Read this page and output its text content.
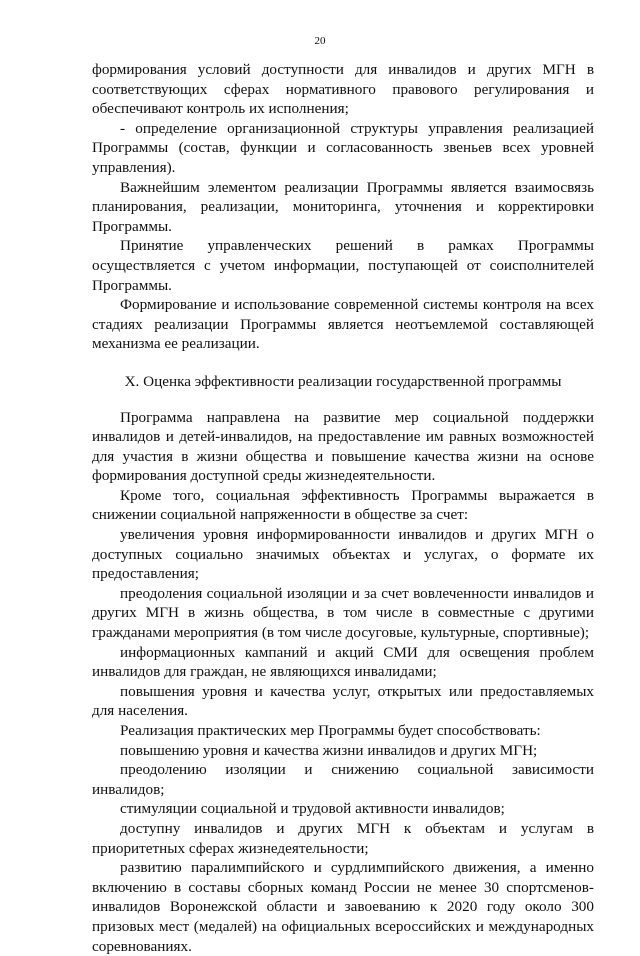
20

формирования условий доступности для инвалидов и других МГН в соответствующих сферах нормативного правового регулирования и обеспечивают контроль их исполнения;

- определение организационной структуры управления реализацией Программы (состав, функции и согласованность звеньев всех уровней управления).

Важнейшим элементом реализации Программы является взаимосвязь планирования, реализации, мониторинга, уточнения и корректировки Программы.

Принятие управленческих решений в рамках Программы осуществляется с учетом информации, поступающей от соисполнителей Программы.

Формирование и использование современной системы контроля на всех стадиях реализации Программы является неотъемлемой составляющей механизма ее реализации.

X. Оценка эффективности реализации государственной программы

Программа направлена на развитие мер социальной поддержки инвалидов и детей-инвалидов, на предоставление им равных возможностей для участия в жизни общества и повышение качества жизни на основе формирования доступной среды жизнедеятельности.

Кроме того, социальная эффективность Программы выражается в снижении социальной напряженности в обществе за счет:

увеличения уровня информированности инвалидов и других МГН о доступных социально значимых объектах и услугах, о формате их предоставления;

преодоления социальной изоляции и за счет вовлеченности инвалидов и других МГН в жизнь общества, в том числе в совместные с другими гражданами мероприятия (в том числе досуговые, культурные, спортивные);

информационных кампаний и акций СМИ для освещения проблем инвалидов для граждан, не являющихся инвалидами;

повышения уровня и качества услуг, открытых или предоставляемых для населения.

Реализация практических мер Программы будет способствовать:

повышению уровня и качества жизни инвалидов и других МГН;

преодолению изоляции и снижению социальной зависимости инвалидов;

стимуляции социальной и трудовой активности инвалидов;

доступну инвалидов и других МГН к объектам и услугам в приоритетных сферах жизнедеятельности;

развитию паралимпийского и сурдлимпийского движения, а именно включению в составы сборных команд России не менее 30 спортсменов-инвалидов Воронежской области и завоеванию к 2020 году около 300 призовых мест (медалей) на официальных всероссийских и международных соревнованиях.
